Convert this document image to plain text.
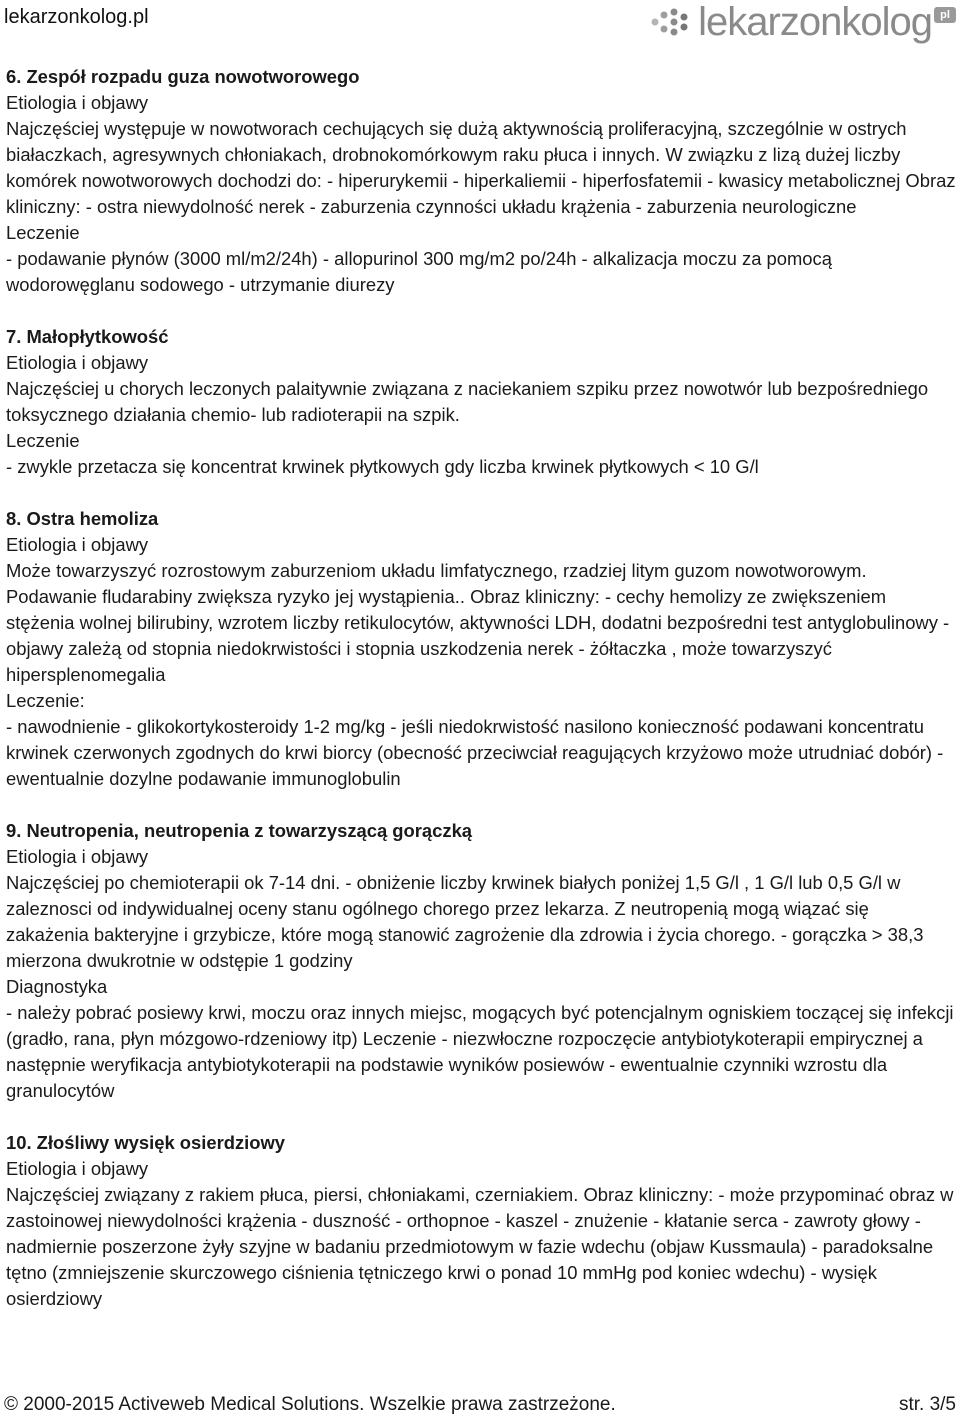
lekarzonkolog.pl	lekarzonkolog pl
6. Zespół rozpadu guza nowotworowego
Etiologia i objawy
Najczęściej występuje w nowotworach cechujących się dużą aktywnością proliferacyjną, szczególnie w ostrych białaczkach, agresywnych chłoniakach, drobnokomórkowym raku płuca i innych. W związku z lizą dużej liczby komórek nowotworowych dochodzi do: - hiperurykemii - hiperkaliemii - hiperfosfatemii - kwasicy metabolicznej Obraz kliniczny: - ostra niewydolność nerek - zaburzenia czynności układu krążenia - zaburzenia neurologiczne
Leczenie
- podawanie płynów (3000 ml/m2/24h) - allopurinol 300 mg/m2 po/24h - alkalizacja moczu za pomocą wodorowęglanu sodowego - utrzymanie diurezy
7. Małopłytkowość
Etiologia i objawy
Najczęściej u chorych leczonych palaitywnie związana z naciekaniem szpiku przez nowotwór lub bezpośredniego toksycznego działania chemio- lub radioterapii na szpik.
Leczenie
- zwykle przetacza się koncentrat krwinek płytkowych gdy liczba krwinek płytkowych < 10 G/l
8. Ostra hemoliza
Etiologia i objawy
Może towarzyszyć rozrostowym zaburzeniom układu limfatycznego, rzadziej litym guzom nowotworowym. Podawanie fludarabiny zwiększa ryzyko jej wystąpienia.. Obraz kliniczny: - cechy hemolizy ze zwiększeniem stężenia wolnej bilirubiny, wzrotem liczby retikulocytów, aktywności LDH, dodatni bezpośredni test antyglobulinowy - objawy zależą od stopnia niedokrwistości i stopnia uszkodzenia nerek - żółtaczka , może towarzyszyć hipersplenomegalia
Leczenie:
- nawodnienie - glikokortykosteroidy 1-2 mg/kg - jeśli niedokrwistość nasilono konieczność podawani koncentratu krwinek czerwonych zgodnych do krwi biorcy (obecność przeciwciał reagujących krzyżowo może utrudniać dobór) - ewentualnie dozylne podawanie immunoglobulin
9. Neutropenia, neutropenia z towarzyszącą gorączką
Etiologia i objawy
Najczęściej po chemioterapii ok 7-14 dni. - obniżenie liczby krwinek białych poniżej 1,5 G/l , 1 G/l lub 0,5 G/l w zaleznosci od indywidualnej oceny stanu ogólnego chorego przez lekarza. Z neutropenią mogą wiązać się zakażenia bakteryjne i grzybicze, które mogą stanowić zagrożenie dla zdrowia i życia chorego. - gorączka > 38,3 mierzona dwukrotnie w odstępie 1 godziny
Diagnostyka
- należy pobrać posiewy krwi, moczu oraz innych miejsc, mogących być potencjalnym ogniskiem toczącej się infekcji (gradło, rana, płyn mózgowo-rdzeniowy itp) Leczenie - niezwłoczne rozpoczęcie antybiotykoterapii empirycznej a następnie weryfikacja antybiotykoterapii na podstawie wyników posiewów - ewentualnie czynniki wzrostu dla granulocytów
10. Złośliwy wysięk osierdziowy
Etiologia i objawy
Najczęściej związany z rakiem płuca, piersi, chłoniakami, czerniakiem. Obraz kliniczny: - może przypominać obraz w zastoinowej niewydolności krążenia - duszność - orthopnoe - kaszel - znużenie - kłatanie serca - zawroty głowy - nadmiernie poszerzone żyły szyjne w badaniu przedmiotowym w fazie wdechu (objaw Kussmaula) - paradoksalne tętno (zmniejszenie skurczowego ciśnienia tętniczego krwi o ponad 10 mmHg pod koniec wdechu) - wysięk osierdziowy
© 2000-2015 Activeweb Medical Solutions. Wszelkie prawa zastrzeżone.	str. 3/5
